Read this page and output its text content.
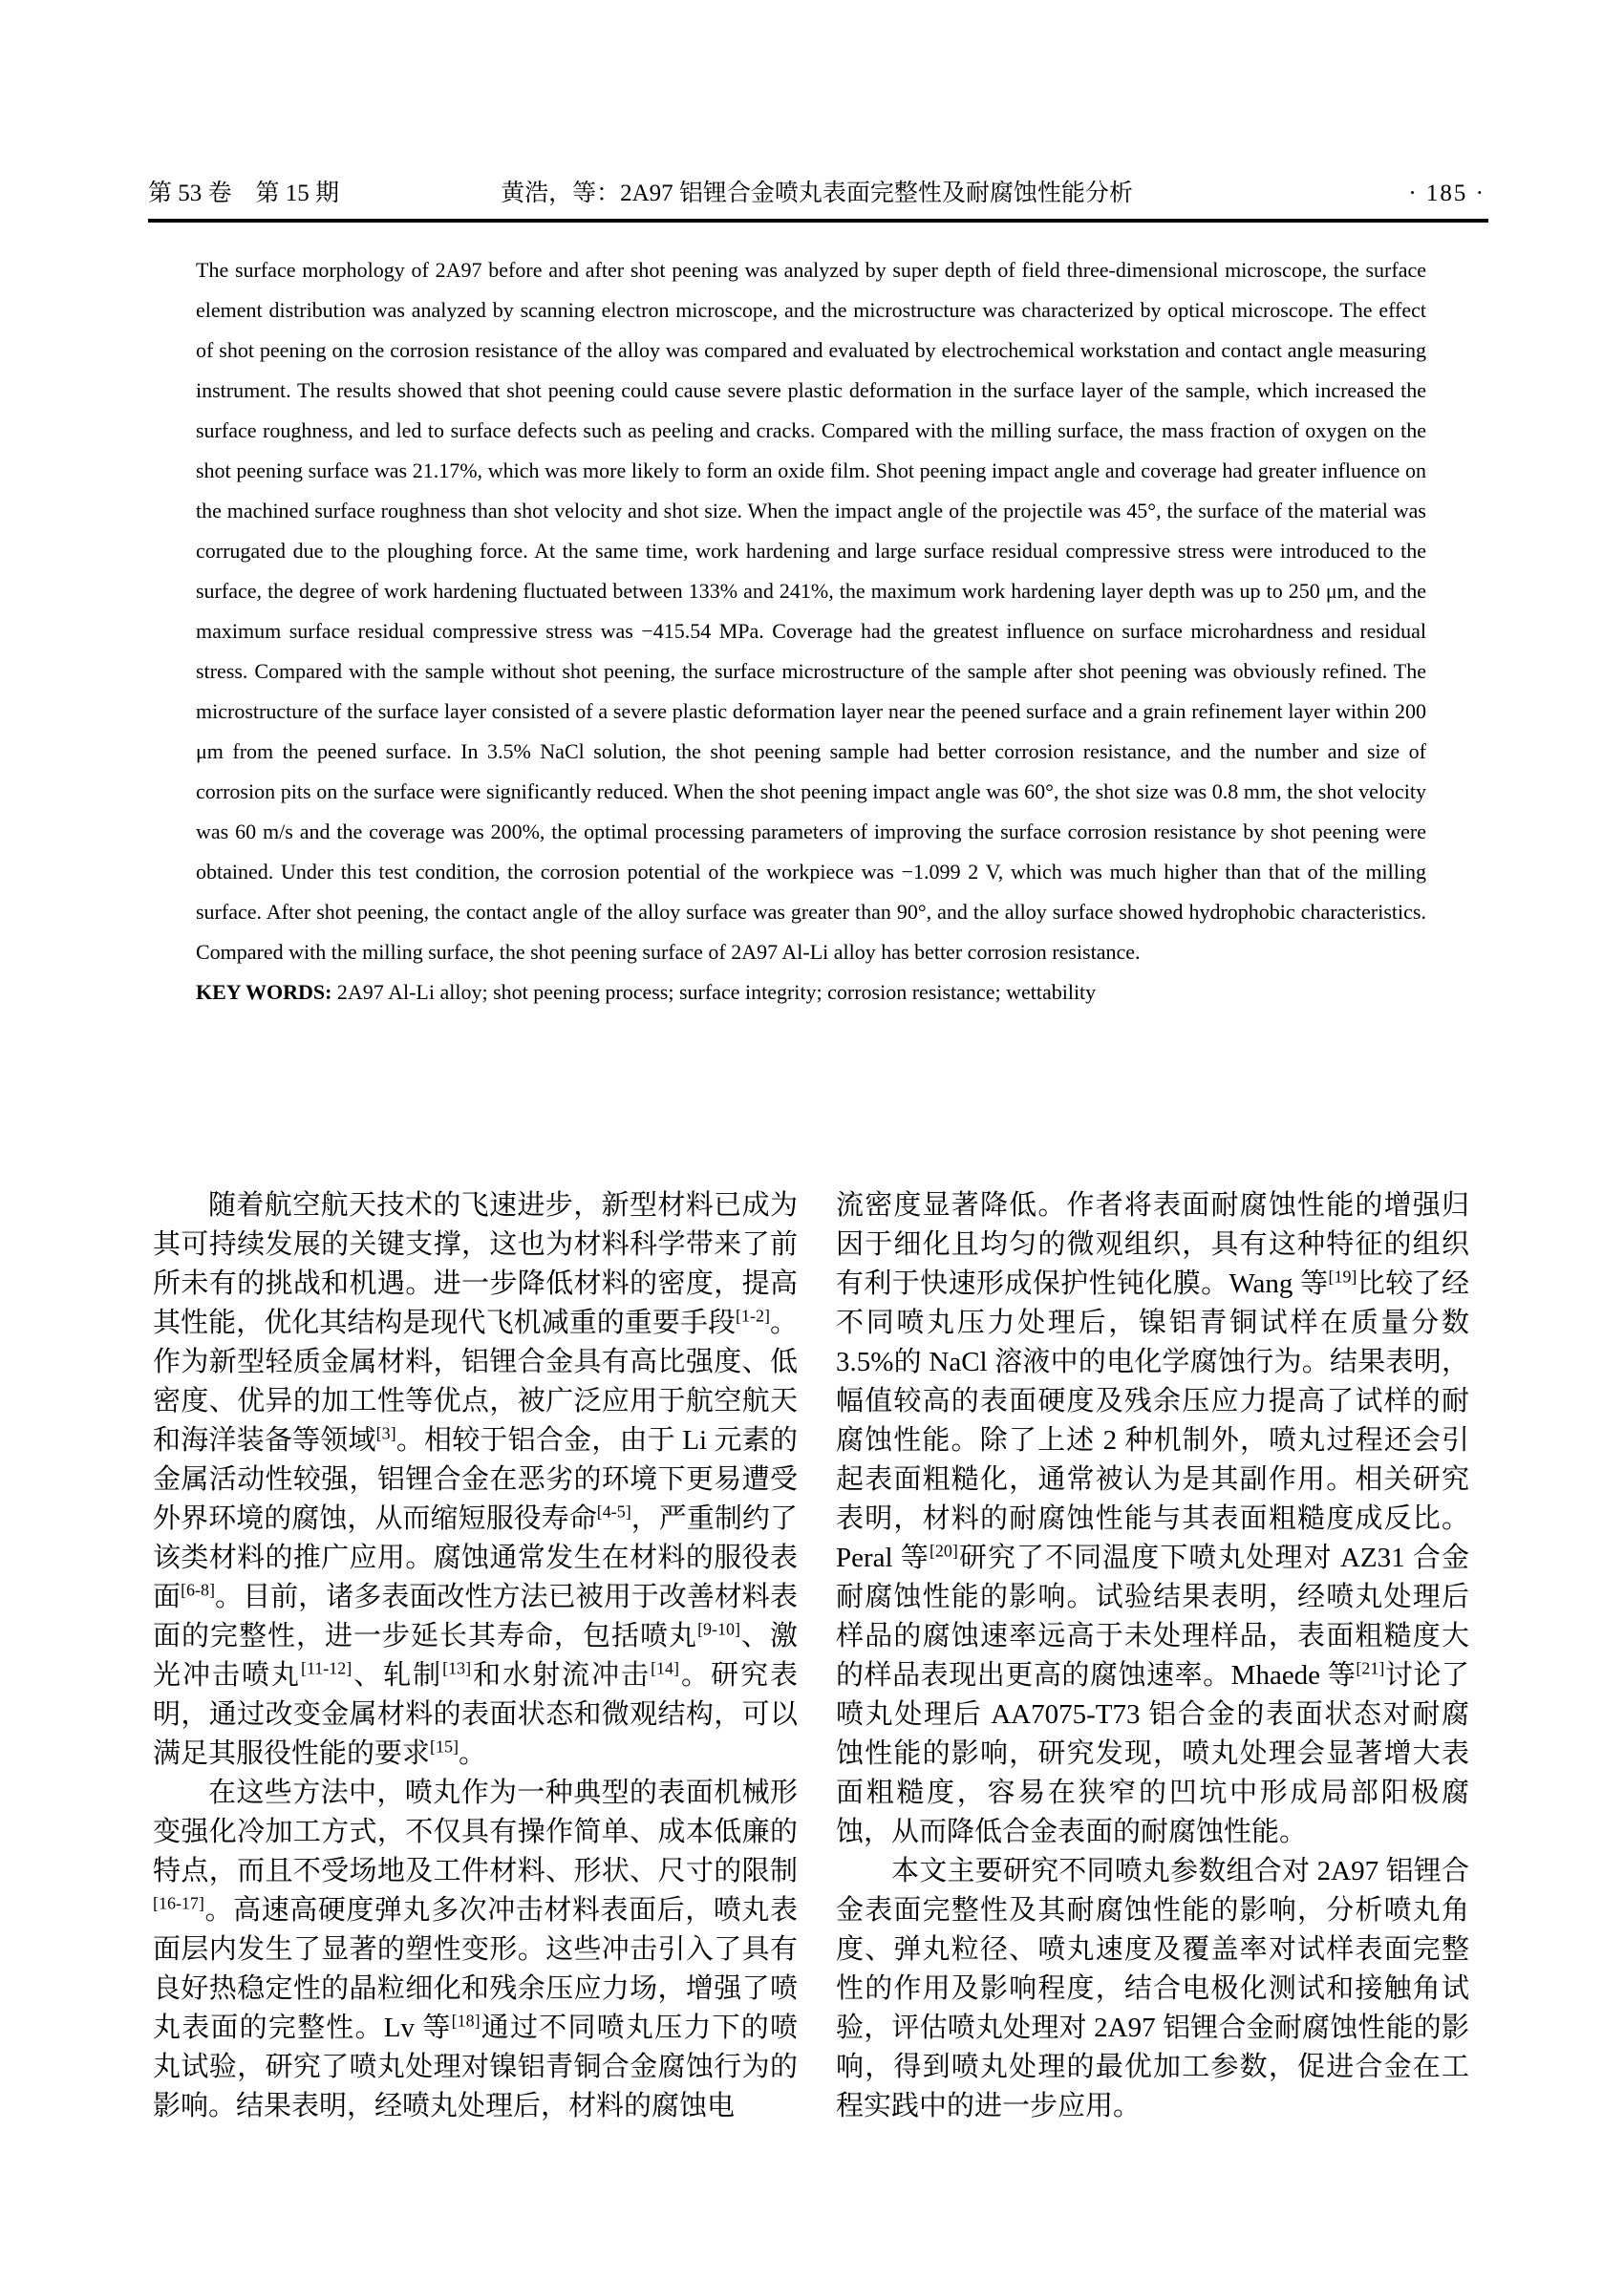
第 53 卷　第 15 期	黄浩，等：2A97 铝锂合金喷丸表面完整性及耐腐蚀性能分析	· 185 ·

The surface morphology of 2A97 before and after shot peening was analyzed by super depth of field three-dimensional microscope, the surface element distribution was analyzed by scanning electron microscope, and the microstructure was characterized by optical microscope. The effect of shot peening on the corrosion resistance of the alloy was compared and evaluated by electrochemical workstation and contact angle measuring instrument. The results showed that shot peening could cause severe plastic deformation in the surface layer of the sample, which increased the surface roughness, and led to surface defects such as peeling and cracks. Compared with the milling surface, the mass fraction of oxygen on the shot peening surface was 21.17%, which was more likely to form an oxide film. Shot peening impact angle and coverage had greater influence on the machined surface roughness than shot velocity and shot size. When the impact angle of the projectile was 45°, the surface of the material was corrugated due to the ploughing force. At the same time, work hardening and large surface residual compressive stress were introduced to the surface, the degree of work hardening fluctuated between 133% and 241%, the maximum work hardening layer depth was up to 250 μm, and the maximum surface residual compressive stress was −415.54 MPa. Coverage had the greatest influence on surface microhardness and residual stress. Compared with the sample without shot peening, the surface microstructure of the sample after shot peening was obviously refined. The microstructure of the surface layer consisted of a severe plastic deformation layer near the peened surface and a grain refinement layer within 200 μm from the peened surface. In 3.5% NaCl solution, the shot peening sample had better corrosion resistance, and the number and size of corrosion pits on the surface were significantly reduced. When the shot peening impact angle was 60°, the shot size was 0.8 mm, the shot velocity was 60 m/s and the coverage was 200%, the optimal processing parameters of improving the surface corrosion resistance by shot peening were obtained. Under this test condition, the corrosion potential of the workpiece was −1.099 2 V, which was much higher than that of the milling surface. After shot peening, the contact angle of the alloy surface was greater than 90°, and the alloy surface showed hydrophobic characteristics. Compared with the milling surface, the shot peening surface of 2A97 Al-Li alloy has better corrosion resistance.

KEY WORDS: 2A97 Al-Li alloy; shot peening process; surface integrity; corrosion resistance; wettability

随着航空航天技术的飞速进步，新型材料已成为其可持续发展的关键支撑，这也为材料科学带来了前所未有的挑战和机遇。进一步降低材料的密度，提高其性能，优化其结构是现代飞机减重的重要手段[1-2]。作为新型轻质金属材料，铝锂合金具有高比强度、低密度、优异的加工性等优点，被广泛应用于航空航天和海洋装备等领域[3]。相较于铝合金，由于 Li 元素的金属活动性较强，铝锂合金在恶劣的环境下更易遭受外界环境的腐蚀，从而缩短服役寿命[4-5]，严重制约了该类材料的推广应用。腐蚀通常发生在材料的服役表面[6-8]。目前，诸多表面改性方法已被用于改善材料表面的完整性，进一步延长其寿命，包括喷丸[9-10]、激光冲击喷丸[11-12]、轧制[13]和水射流冲击[14]。研究表明，通过改变金属材料的表面状态和微观结构，可以满足其服役性能的要求[15]。

在这些方法中，喷丸作为一种典型的表面机械形变强化冷加工方式，不仅具有操作简单、成本低廉的特点，而且不受场地及工件材料、形状、尺寸的限制[16-17]。高速高硬度弹丸多次冲击材料表面后，喷丸表面层内发生了显著的塑性变形。这些冲击引入了具有良好热稳定性的晶粒细化和残余压应力场，增强了喷丸表面的完整性。Lv 等[18]通过不同喷丸压力下的喷丸试验，研究了喷丸处理对镍铝青铜合金腐蚀行为的影响。结果表明，经喷丸处理后，材料的腐蚀电

流密度显著降低。作者将表面耐腐蚀性能的增强归因于细化且均匀的微观组织，具有这种特征的组织有利于快速形成保护性钝化膜。Wang 等[19]比较了经不同喷丸压力处理后，镍铝青铜试样在质量分数 3.5%的 NaCl 溶液中的电化学腐蚀行为。结果表明，幅值较高的表面硬度及残余压应力提高了试样的耐腐蚀性能。除了上述 2 种机制外，喷丸过程还会引起表面粗糙化，通常被认为是其副作用。相关研究表明，材料的耐腐蚀性能与其表面粗糙度成反比。Peral 等[20]研究了不同温度下喷丸处理对 AZ31 合金耐腐蚀性能的影响。试验结果表明，经喷丸处理后样品的腐蚀速率远高于未处理样品，表面粗糙度大的样品表现出更高的腐蚀速率。Mhaede 等[21]讨论了喷丸处理后 AA7075-T73 铝合金的表面状态对耐腐蚀性能的影响，研究发现，喷丸处理会显著增大表面粗糙度，容易在狭窄的凹坑中形成局部阳极腐蚀，从而降低合金表面的耐腐蚀性能。

本文主要研究不同喷丸参数组合对 2A97 铝锂合金表面完整性及其耐腐蚀性能的影响，分析喷丸角度、弹丸粒径、喷丸速度及覆盖率对试样表面完整性的作用及影响程度，结合电极化测试和接触角试验，评估喷丸处理对 2A97 铝锂合金耐腐蚀性能的影响，得到喷丸处理的最优加工参数，促进合金在工程实践中的进一步应用。
